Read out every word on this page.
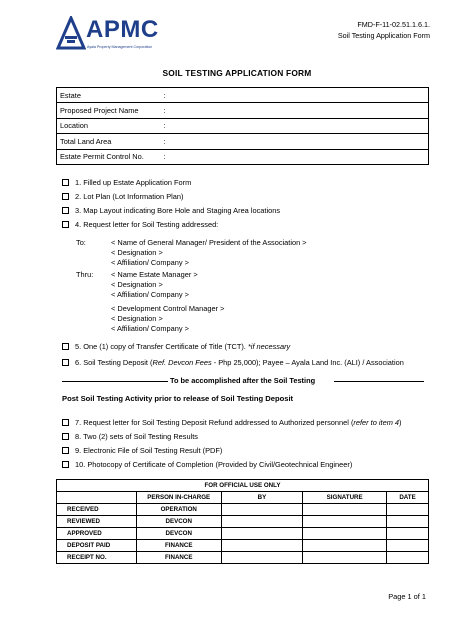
APMC
Ayala Property Management Corporation
FMD-F-11-02.51.1.6.1.
Soil Testing Application Form
SOIL TESTING APPLICATION FORM
Estate	:
Proposed Project Name	:
Location	:
Total Land Area	:
Estate Permit Control No.	:
1. Filled up Estate Application Form
2. Lot Plan (Lot Information Plan)
3. Map Layout indicating Bore Hole and Staging Area locations
4. Request letter for Soil Testing addressed:
To:	< Name of General Manager/ President of the Association >
< Designation >
< Affiliation/ Company >
Thru: < Name Estate Manager >
< Designation >
< Affiliation/ Company >
< Development Control Manager >
< Designation >
< Affiliation/ Company >
5. One (1) copy of Transfer Certificate of Title (TCT). *if necessary
6. Soil Testing Deposit (Ref. Devcon Fees - Php 25,000); Payee – Ayala Land Inc. (ALI) / Association
To be accomplished after the Soil Testing
Post Soil Testing Activity prior to release of Soil Testing Deposit
7. Request letter for Soil Testing Deposit Refund addressed to Authorized personnel (refer to item 4)
8. Two (2) sets of Soil Testing Results
9. Electronic File of Soil Testing Result (PDF)
10. Photocopy of Certificate of Completion (Provided by Civil/Geotechnical Engineer)
FOR OFFICIAL USE ONLY				
	PERSON IN-CHARGE	BY	SIGNATURE	DATE
RECEIVED	OPERATION			
REVIEWED	DEVCON			
APPROVED	DEVCON			
DEPOSIT PAID	FINANCE			
RECEIPT NO.	FINANCE			
Page 1 of 1
